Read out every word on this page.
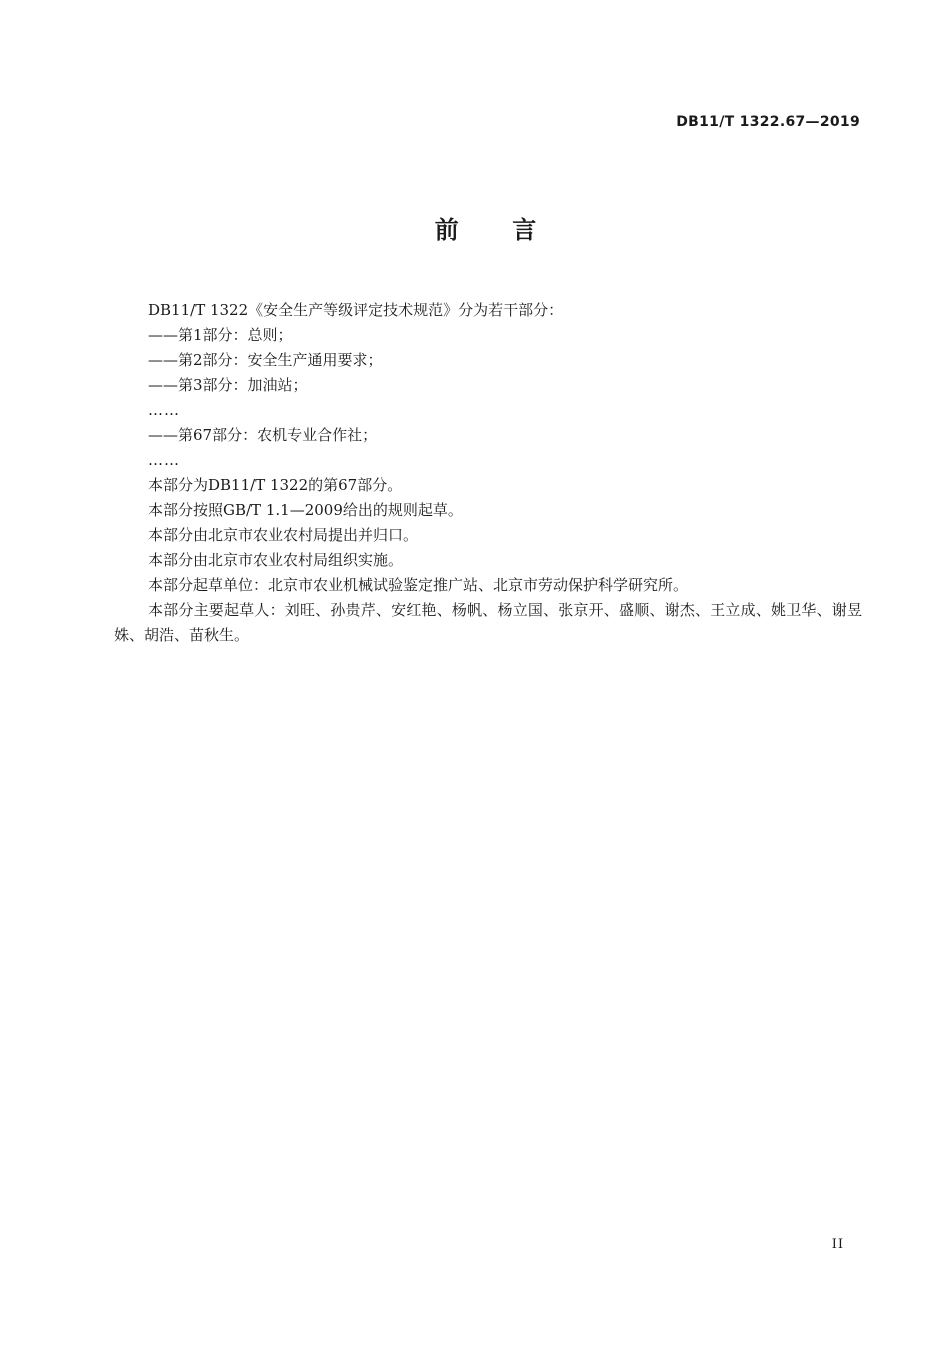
DB11/T 1322.67—2019
前    言

DB11/T 1322《安全生产等级评定技术规范》分为若干部分：

——第1部分：总则；

——第2部分：安全生产通用要求；

——第3部分：加油站；

……

——第67部分：农机专业合作社；

……

本部分为DB11/T 1322的第67部分。

本部分按照GB/T 1.1—2009给出的规则起草。

本部分由北京市农业农村局提出并归口。

本部分由北京市农业农村局组织实施。

本部分起草单位：北京市农业机械试验鉴定推广站、北京市劳动保护科学研究所。

本部分主要起草人：刘旺、孙贵芹、安红艳、杨帆、杨立国、张京开、盛顺、谢杰、王立成、姚卫华、谢昱姝、胡浩、苗秋生。

II
